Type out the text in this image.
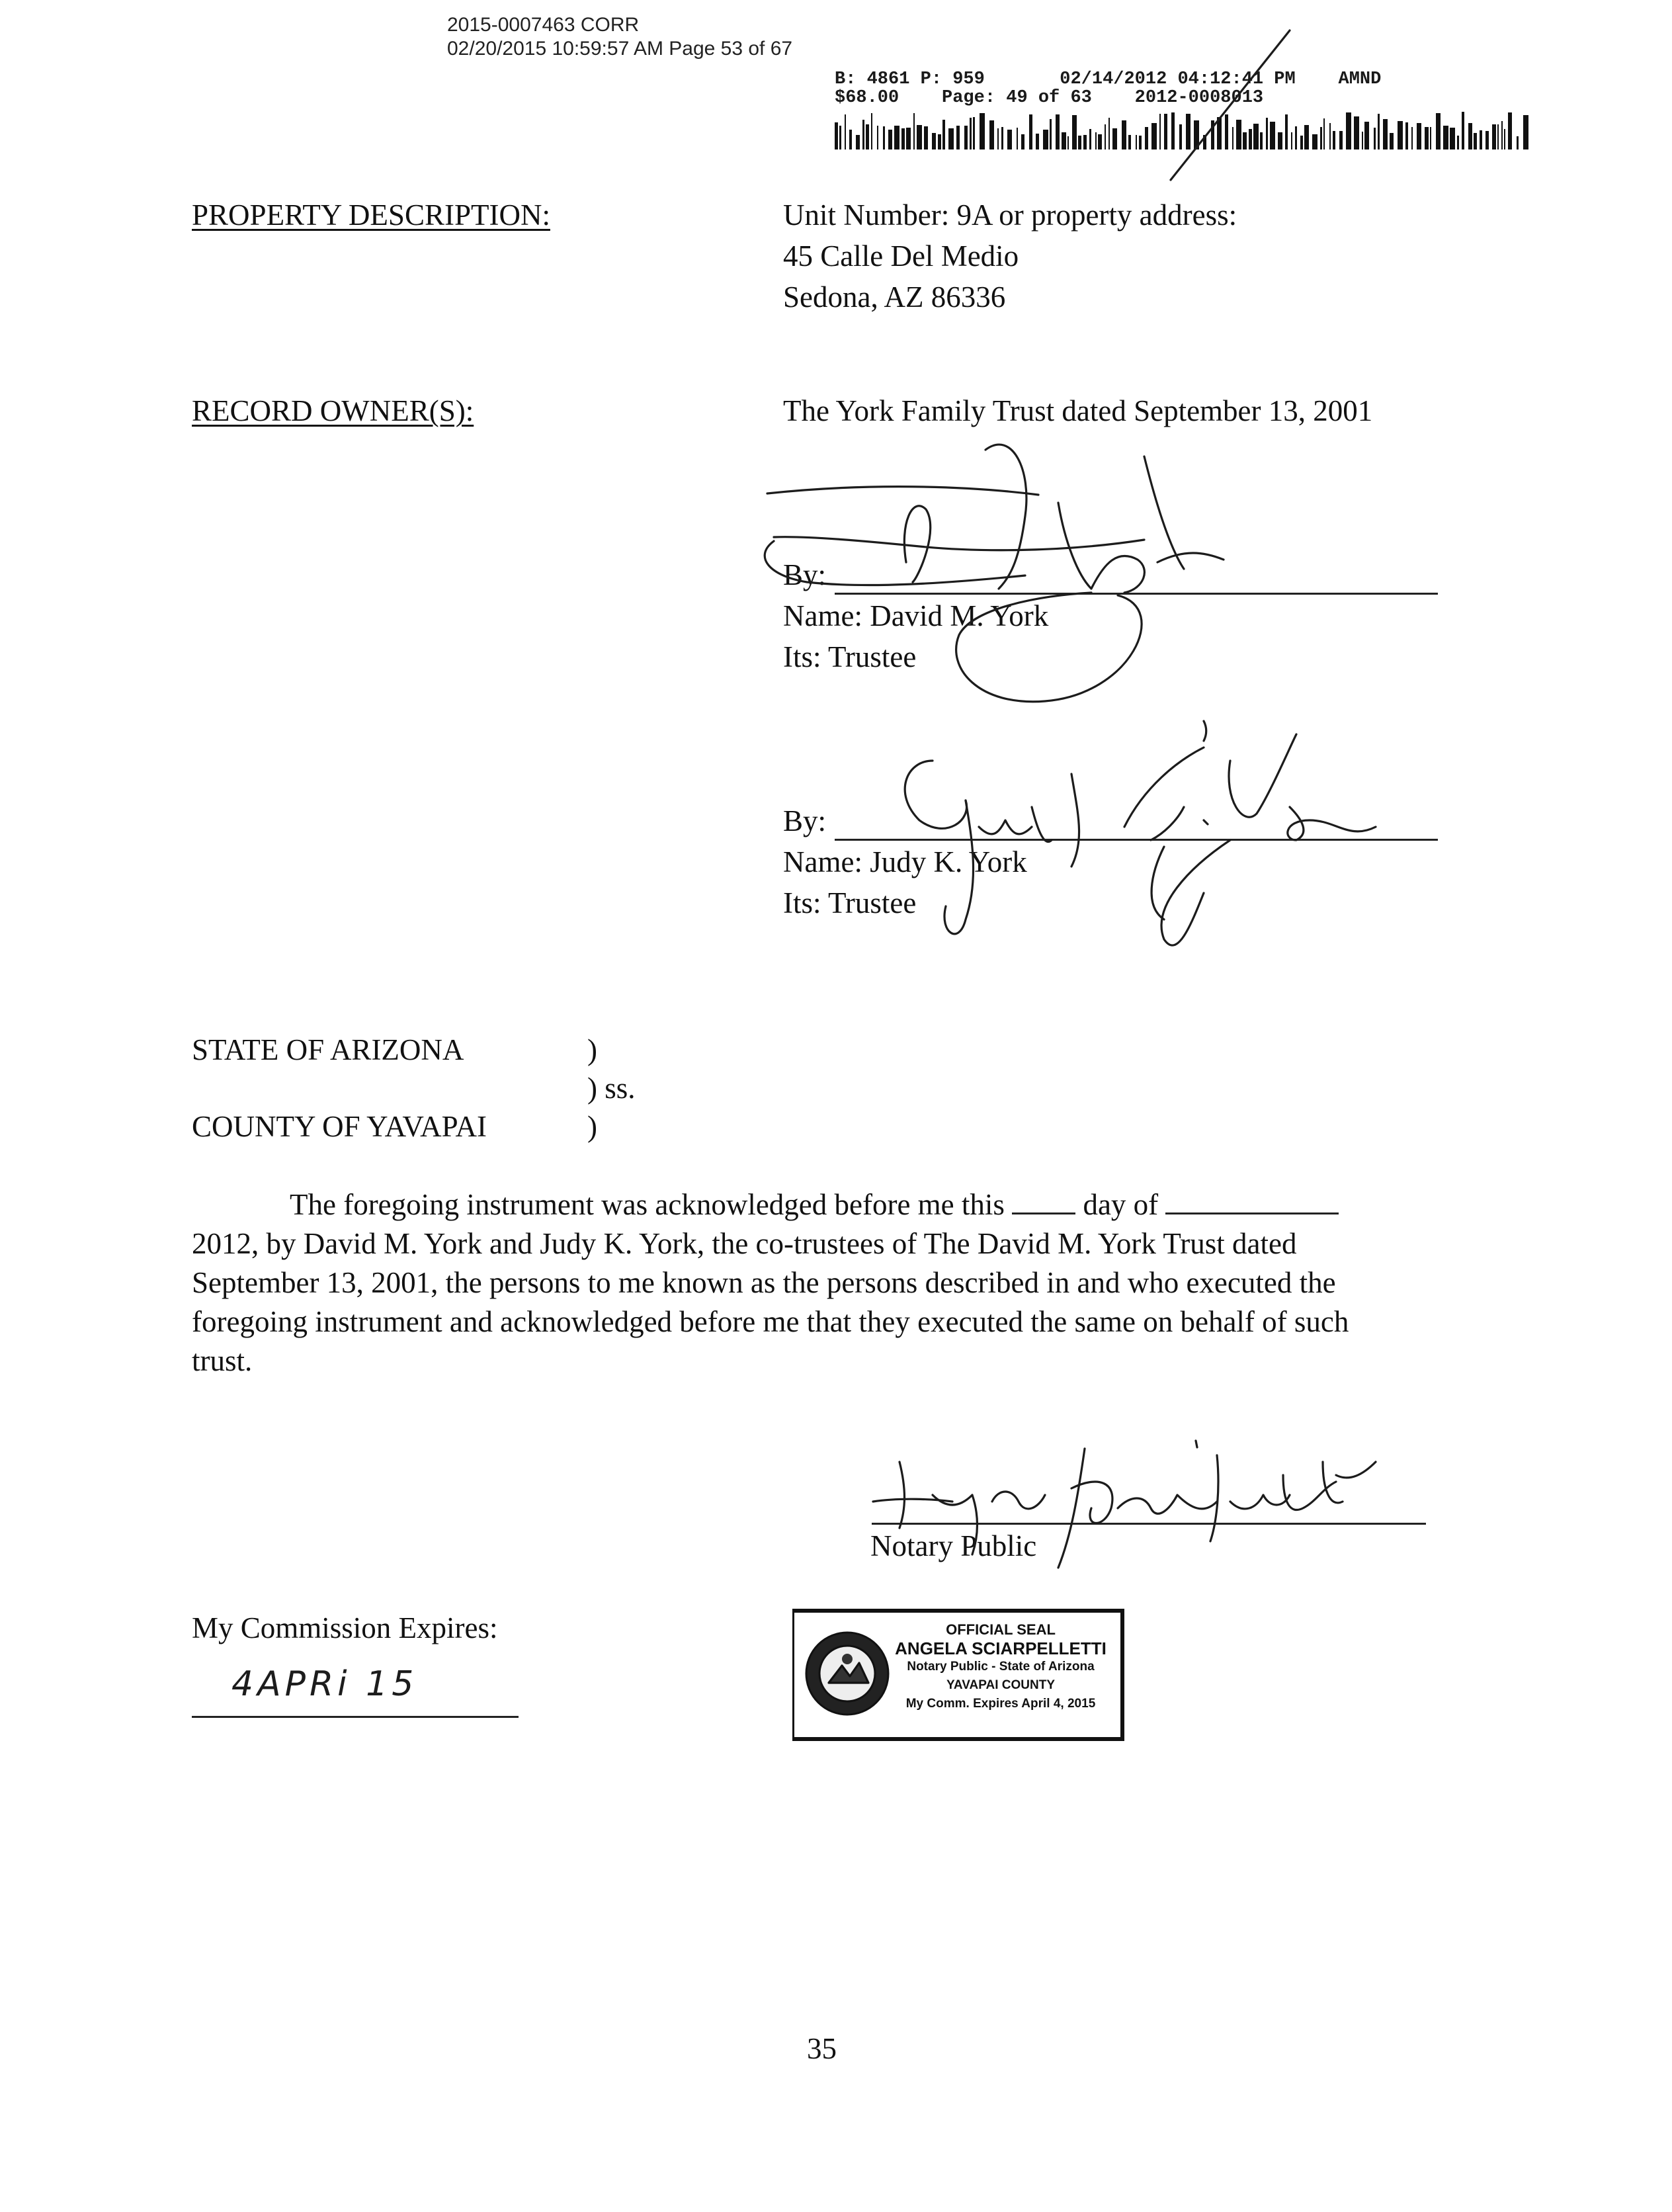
2015-0007463 CORR
02/20/2015 10:59:57 AM Page 53 of 67
B: 4861 P: 959       02/14/2012 04:12:41 PM    AMND
$68.00    Page: 49 of 63    2012-0008013
PROPERTY DESCRIPTION:	Unit Number: 9A or property address:
45 Calle Del Medio
Sedona, AZ 86336
RECORD OWNER(S):	The York Family Trust dated September 13, 2001
By:
Name: David M. York
Its: Trustee
By:
Name: Judy K. York
Its: Trustee
STATE OF ARIZONA	)
) ss.
COUNTY OF YAVAPAI	)

The foregoing instrument was acknowledged before me this	day of

2012, by David M. York and Judy K. York, the co-trustees of The David M. York Trust dated

September 13, 2001, the persons to me known as the persons described in and who executed the

foregoing instrument and acknowledged before me that they executed the same on behalf of such

trust.

Notary Public
My Commission Expires:
4APRi 15
OFFICIAL SEAL
ANGELA SCIARPELLETTI
Notary Public - State of Arizona
YAVAPAI COUNTY
My Comm. Expires April 4, 2015
35
